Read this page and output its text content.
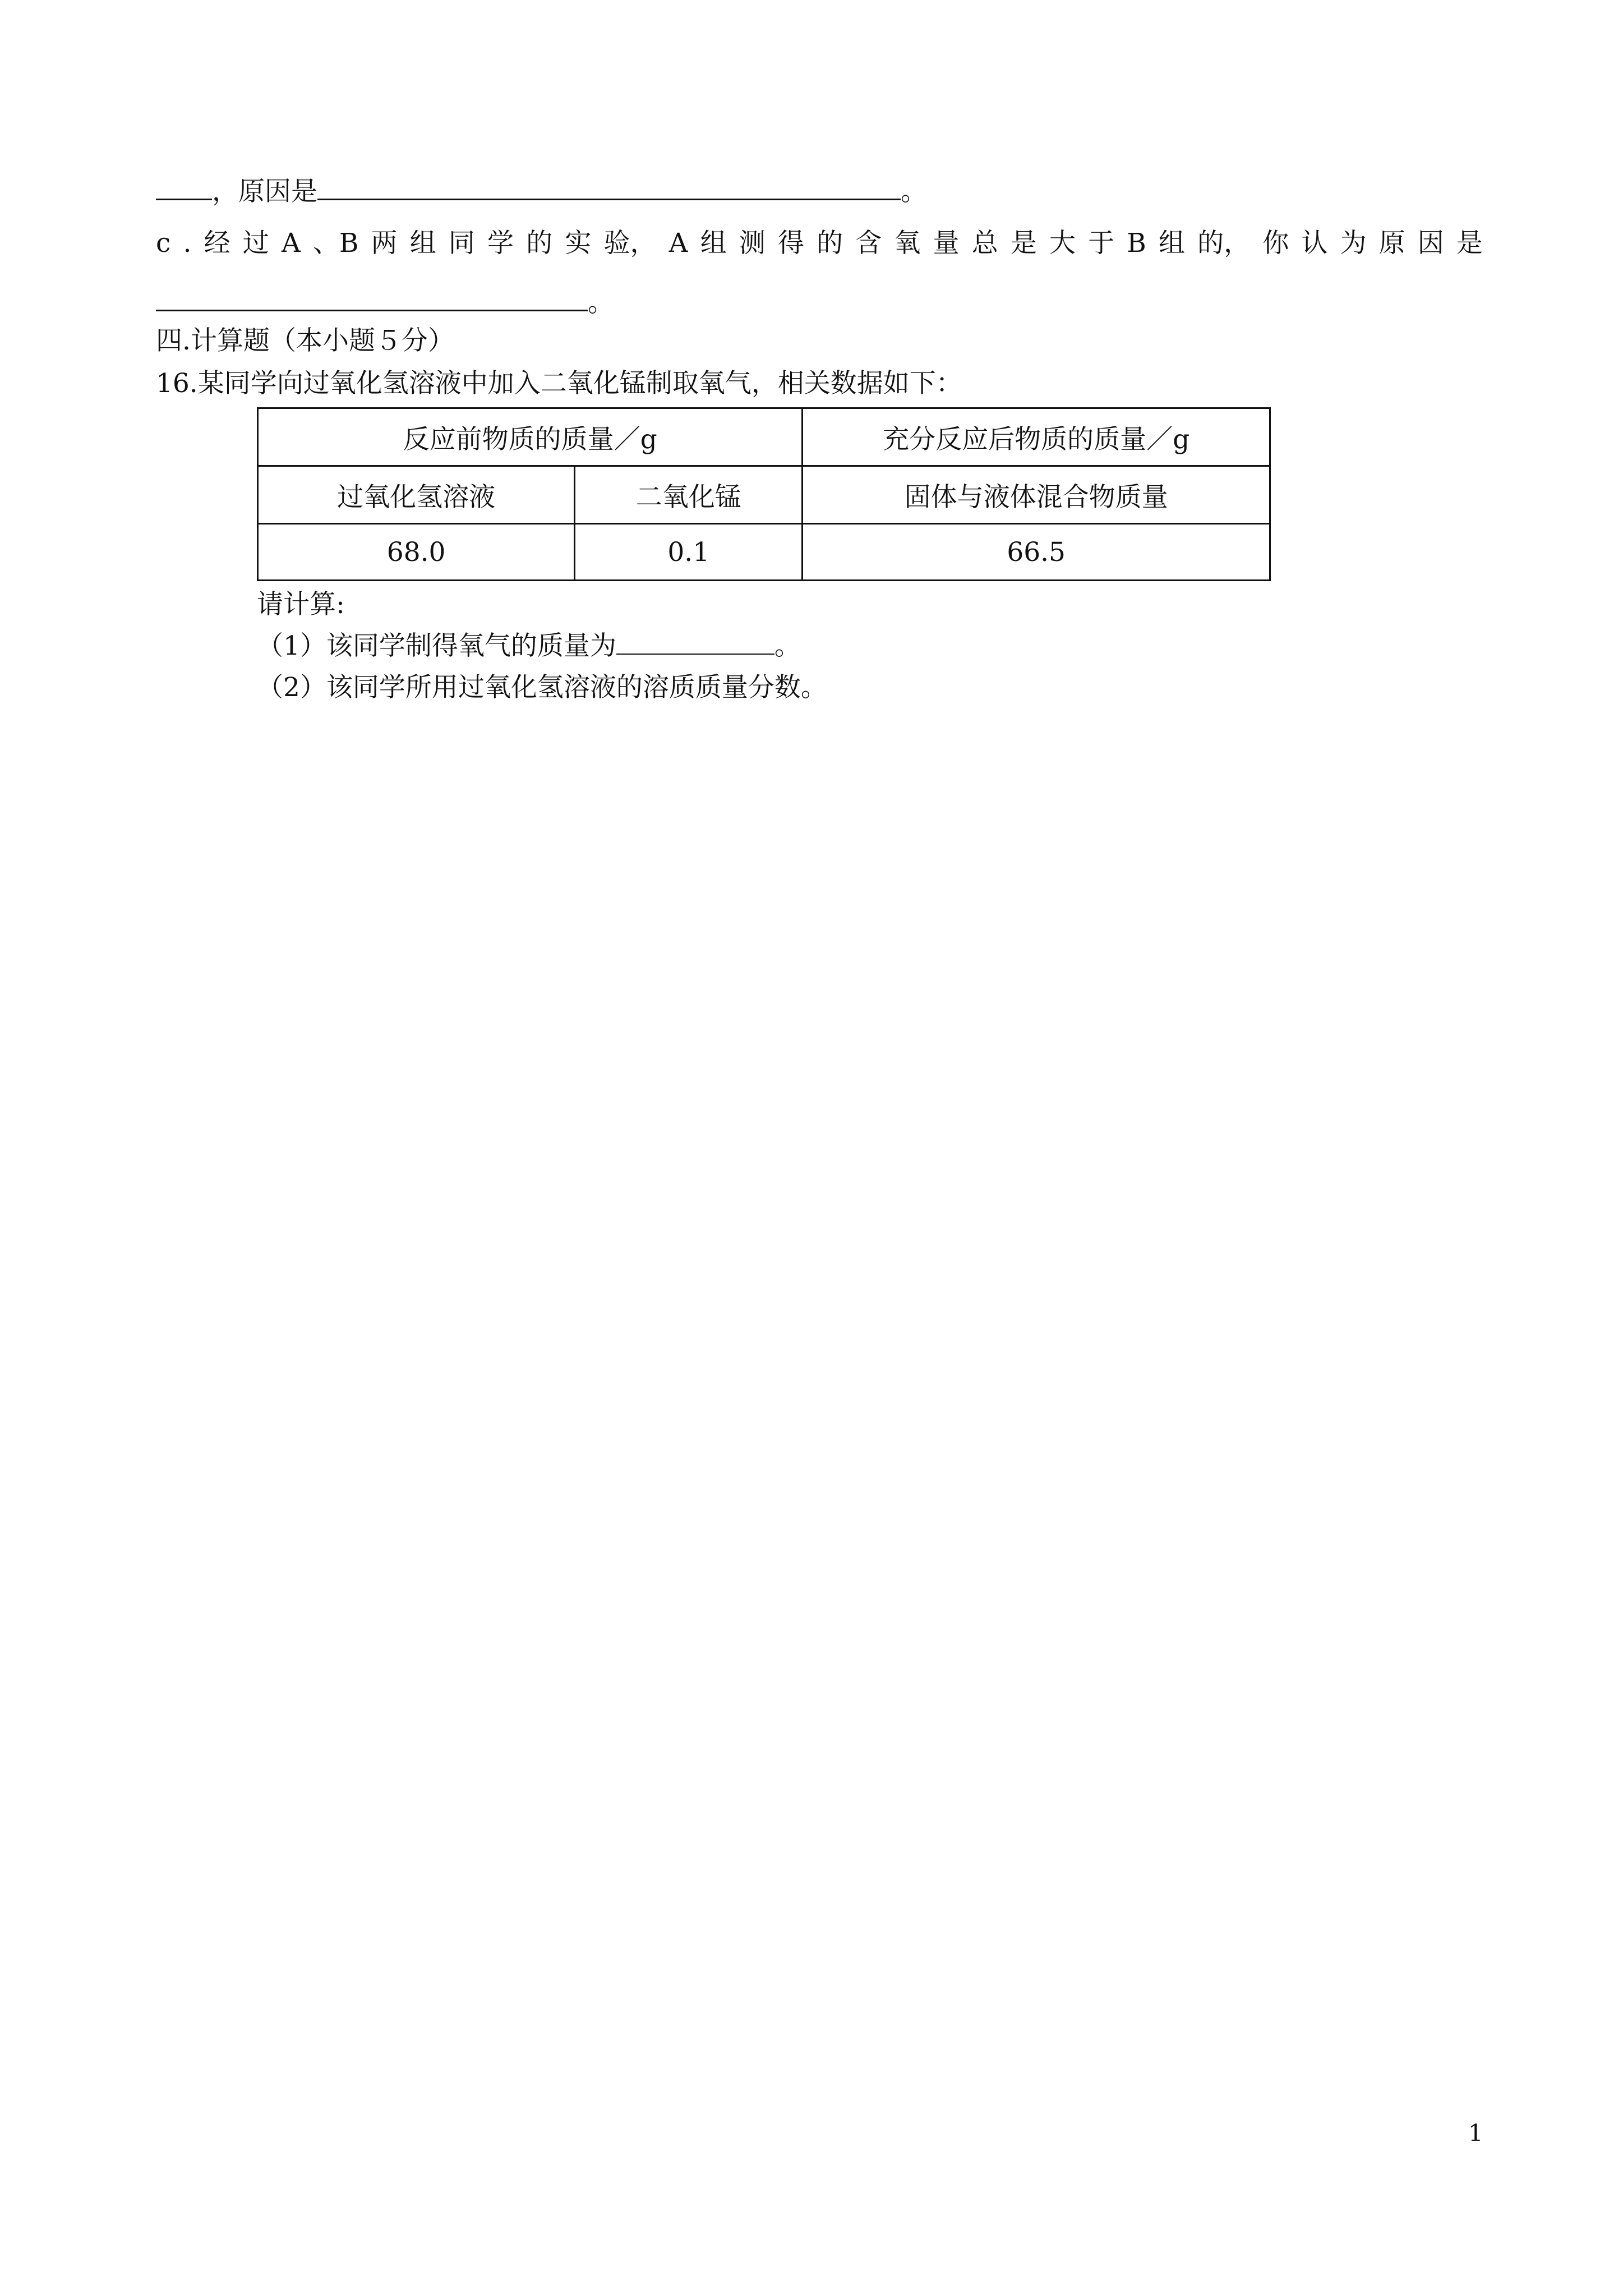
，原因是	。
c . 经 过 A 、B 两 组 同 学 的 实 验， A 组 测 得 的 含 氧 量 总 是 大 于 B 组 的， 你 认 为 原 因 是
。
四.计算题（本小题５分）
16.某同学向过氧化氢溶液中加入二氧化锰制取氧气，相关数据如下：
反应前物质的质量／g		充分反应后物质的质量／g
过氧化氢溶液	二氧化锰	固体与液体混合物质量
68.0	0.1	66.5
请计算:
（1）该同学制得氧气的质量为	。
（2）该同学所用过氧化氢溶液的溶质质量分数。
1
